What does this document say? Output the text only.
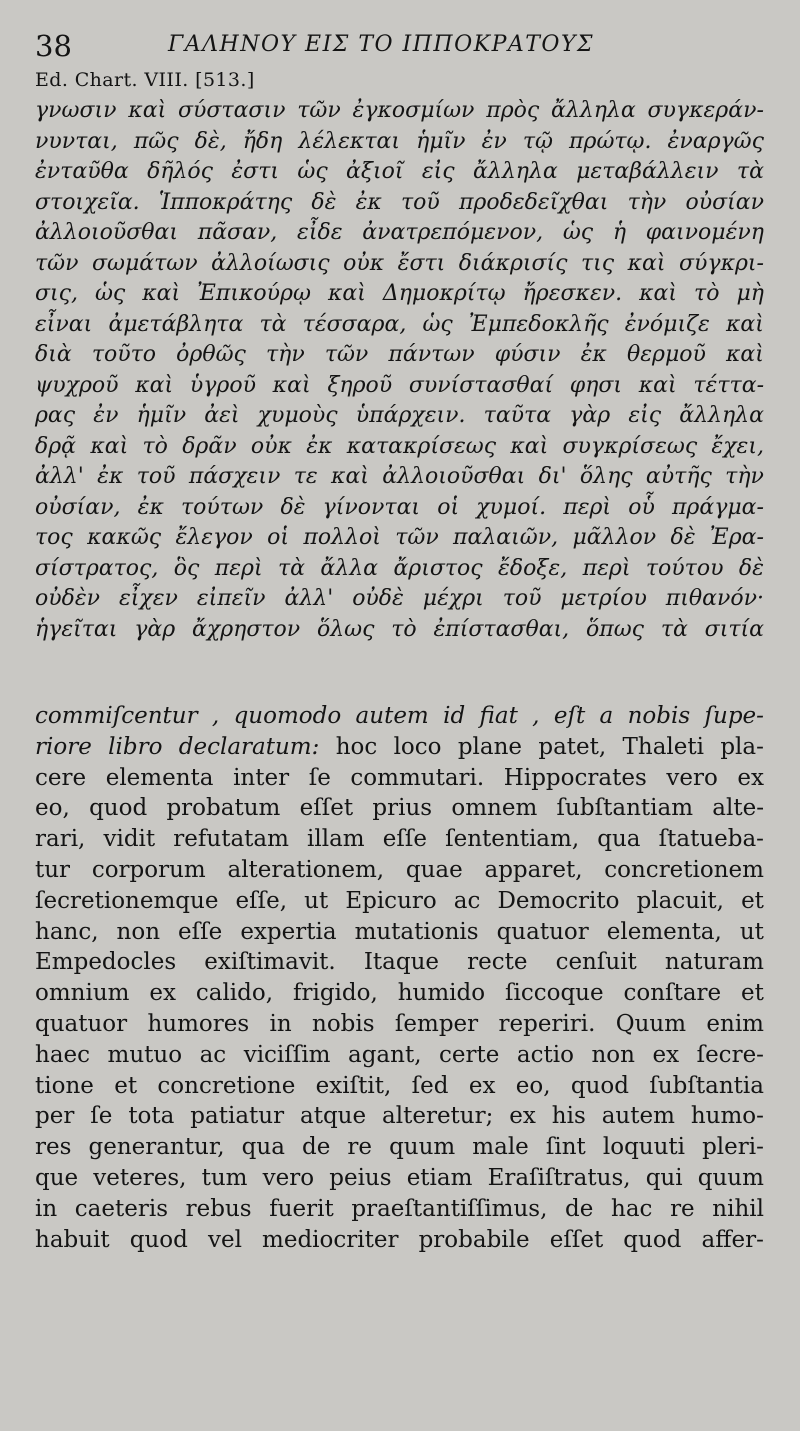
38	ΓΑΛΗΝΟΥ ΕΙΣ ΤΟ ΙΠΠΟΚΡΑΤΟΥΣ
Ed. Chart. VIII. [513.]
γνωσιν καὶ σύστασιν τῶν ἐγκοσμίων πρὸς ἄλληλα συγκεράν-
νυνται, πῶς δὲ, ἤδη λέλεκται ἡμῖν ἐν τῷ πρώτῳ. ἐναργῶς
ἐνταῦθα δῆλός ἐστι ὡς ἀξιοῖ εἰς ἄλληλα μεταβάλλειν τὰ
στοιχεῖα. Ἱπποκράτης δὲ ἐκ τοῦ προδεδεῖχθαι τὴν οὐσίαν
ἀλλοιοῦσθαι πᾶσαν, εἶδε ἀνατρεπόμενον, ὡς ἡ φαινομένη
τῶν σωμάτων ἀλλοίωσις οὐκ ἔστι διάκρισίς τις καὶ σύγκρι-
σις, ὡς καὶ Ἐπικούρῳ καὶ Δημοκρίτῳ ἤρεσκεν. καὶ τὸ μὴ
εἶναι ἀμετάβλητα τὰ τέσσαρα, ὡς Ἐμπεδοκλῆς ἐνόμιζε καὶ
διὰ τοῦτο ὀρθῶς τὴν τῶν πάντων φύσιν ἐκ θερμοῦ καὶ
ψυχροῦ καὶ ὑγροῦ καὶ ξηροῦ συνίστασθαί φησι καὶ τέττα-
ρας ἐν ἡμῖν ἀεὶ χυμοὺς ὑπάρχειν. ταῦτα γὰρ εἰς ἄλληλα
δρᾷ καὶ τὸ δρᾶν οὐκ ἐκ κατακρίσεως καὶ συγκρίσεως ἔχει,
ἀλλ' ἐκ τοῦ πάσχειν τε καὶ ἀλλοιοῦσθαι δι' ὅλης αὐτῆς τὴν
οὐσίαν, ἐκ τούτων δὲ γίνονται οἱ χυμοί. περὶ οὗ πράγμα-
τος κακῶς ἔλεγον οἱ πολλοὶ τῶν παλαιῶν, μᾶλλον δὲ Ἐρα-
σίστρατος, ὃς περὶ τὰ ἄλλα ἄριστος ἔδοξε, περὶ τούτου δὲ
οὐδὲν εἶχεν εἰπεῖν ἀλλ' οὐδὲ μέχρι τοῦ μετρίου πιθανόν·
ἡγεῖται γὰρ ἄχρηστον ὅλως τὸ ἐπίστασθαι, ὅπως τὰ σιτία
commiſcentur , quomodo autem id fiat , eſt a nobis ſupe-
riore libro declaratum: hoc loco plane patet, Thaleti pla-
cere elementa inter ſe commutari. Hippocrates vero ex
eo, quod probatum eſſet prius omnem ſubſtantiam alte-
rari, vidit refutatam illam eſſe ſententiam, qua ſtatueba-
tur corporum alterationem, quae apparet, concretionem
ſecretionemque eſſe, ut Epicuro ac Democrito placuit, et
hanc, non eſſe expertia mutationis quatuor elementa, ut
Empedocles exiſtimavit. Itaque recte cenſuit naturam
omnium ex calido, frigido, humido ſiccoque conſtare et
quatuor humores in nobis ſemper reperiri. Quum enim
haec mutuo ac viciſſim agant, certe actio non ex ſecre-
tione et concretione exiſtit, ſed ex eo, quod ſubſtantia
per ſe tota patiatur atque alteretur; ex his autem humo-
res generantur, qua de re quum male ſint loquuti pleri-
que veteres, tum vero peius etiam Eraſiſtratus, qui quum
in caeteris rebus fuerit praeſtantiſſimus, de hac re nihil
habuit quod vel mediocriter probabile eſſet quod affer-
